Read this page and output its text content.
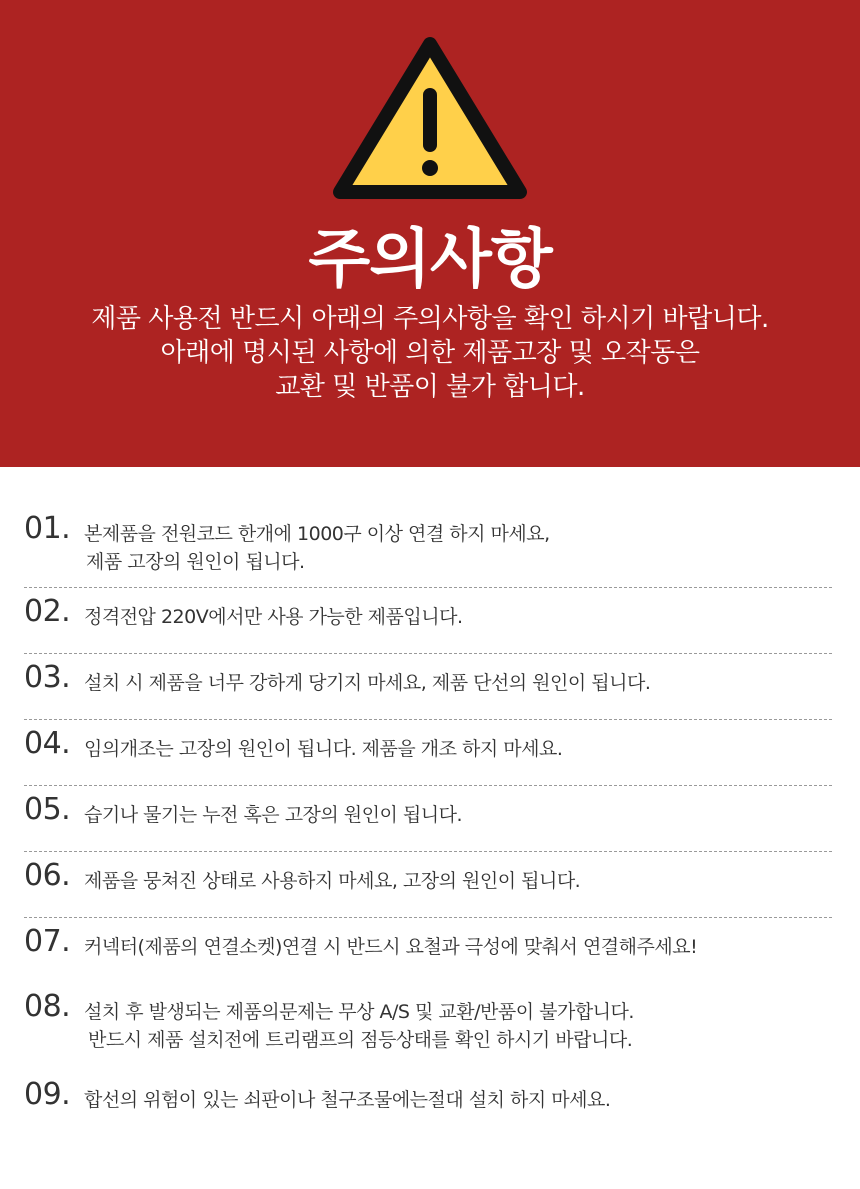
주의사항
제품 사용전 반드시 아래의 주의사항을 확인 하시기 바랍니다.
아래에 명시된 사항에 의한 제품고장 및 오작동은
교환 및 반품이 불가 합니다.
01. 본제품을 전원코드 한개에 1000구 이상 연결 하지 마세요,
제품 고장의 원인이 됩니다.
02. 정격전압 220V에서만 사용 가능한 제품입니다.
03. 설치 시 제품을 너무 강하게 당기지 마세요, 제품 단선의 원인이 됩니다.
04. 임의개조는 고장의 원인이 됩니다. 제품을 개조 하지 마세요.
05. 습기나 물기는 누전 혹은 고장의 원인이 됩니다.
06. 제품을 뭉쳐진 상태로 사용하지 마세요, 고장의 원인이 됩니다.
07. 커넥터(제품의 연결소켓)연결 시 반드시 요철과 극성에 맞춰서 연결해주세요!
08. 설치 후 발생되는 제품의문제는 무상 A/S 및 교환/반품이 불가합니다.
반드시 제품 설치전에 트리램프의 점등상태를 확인 하시기 바랍니다.
09. 합선의 위험이 있는 쇠판이나 철구조물에는절대 설치 하지 마세요.
